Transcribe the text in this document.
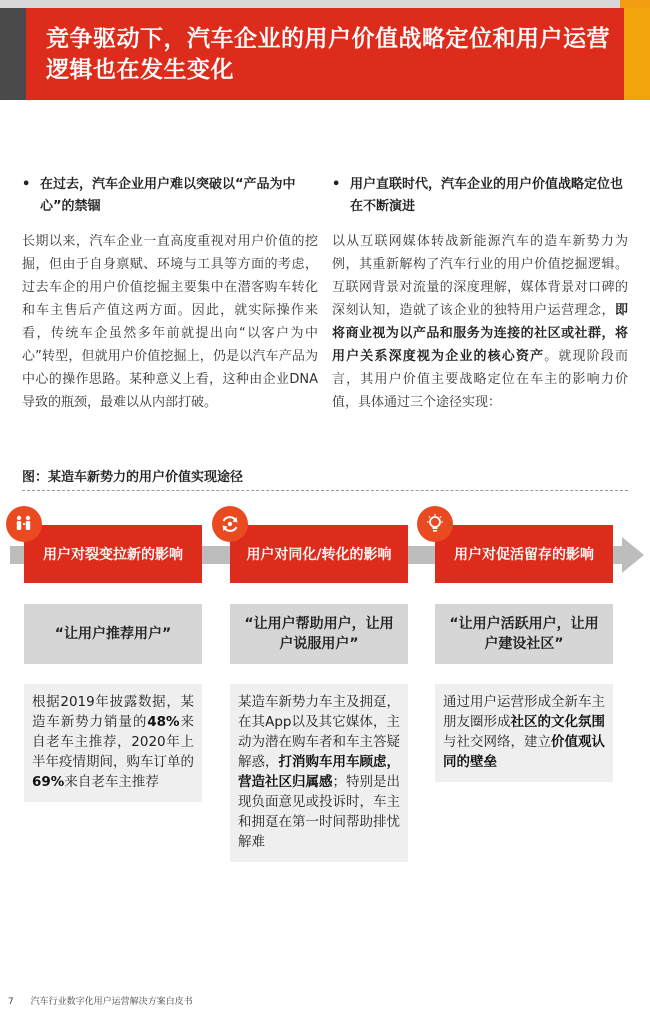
竞争驱动下，汽车企业的用户价值战略定位和用户运营逻辑也在发生变化
• 在过去，汽车企业用户难以突破以“产品为中心”的禁锢

长期以来，汽车企业一直高度重视对用户价值的挖掘，但由于自身禀赋、环境与工具等方面的考虑，过去车企的用户价值挖掘主要集中在潜客购车转化和车主售后产值这两方面。因此，就实际操作来看，传统车企虽然多年前就提出向“以客户为中心”转型，但就用户价值挖掘上，仍是以汽车产品为中心的操作思路。某种意义上看，这种由企业DNA导致的瓶颈，最难以从内部打破。

• 用户直联时代，汽车企业的用户价值战略定位也在不断演进

以从互联网媒体转战新能源汽车的造车新势力为例，其重新解构了汽车行业的用户价值挖掘逻辑。互联网背景对流量的深度理解，媒体背景对口碑的深刻认知，造就了该企业的独特用户运营理念，即将商业视为以产品和服务为连接的社区或社群，将用户关系深度视为企业的核心资产。就现阶段而言，其用户价值主要战略定位在车主的影响力价值，具体通过三个途径实现：

图：某造车新势力的用户价值实现途径
用户对裂变拉新的影响
“让用户推荐用户”
根据2019年披露数据，某造车新势力销量的48%来自老车主推荐，2020年上半年疫情期间，购车订单的69%来自老车主推荐
用户对同化/转化的影响
“让用户帮助用户，让用户说服用户”
某造车新势力车主及拥趸，在其App以及其它媒体，主动为潜在购车者和车主答疑解惑，打消购车用车顾虑，营造社区归属感；特别是出现负面意见或投诉时，车主和拥趸在第一时间帮助排忧解难
用户对促活留存的影响
“让用户活跃用户，让用户建设社区”
通过用户运营形成全新车主朋友圈形成社区的文化氛围与社交网络，建立价值观认同的壁垒
7 汽车行业数字化用户运营解决方案白皮书
